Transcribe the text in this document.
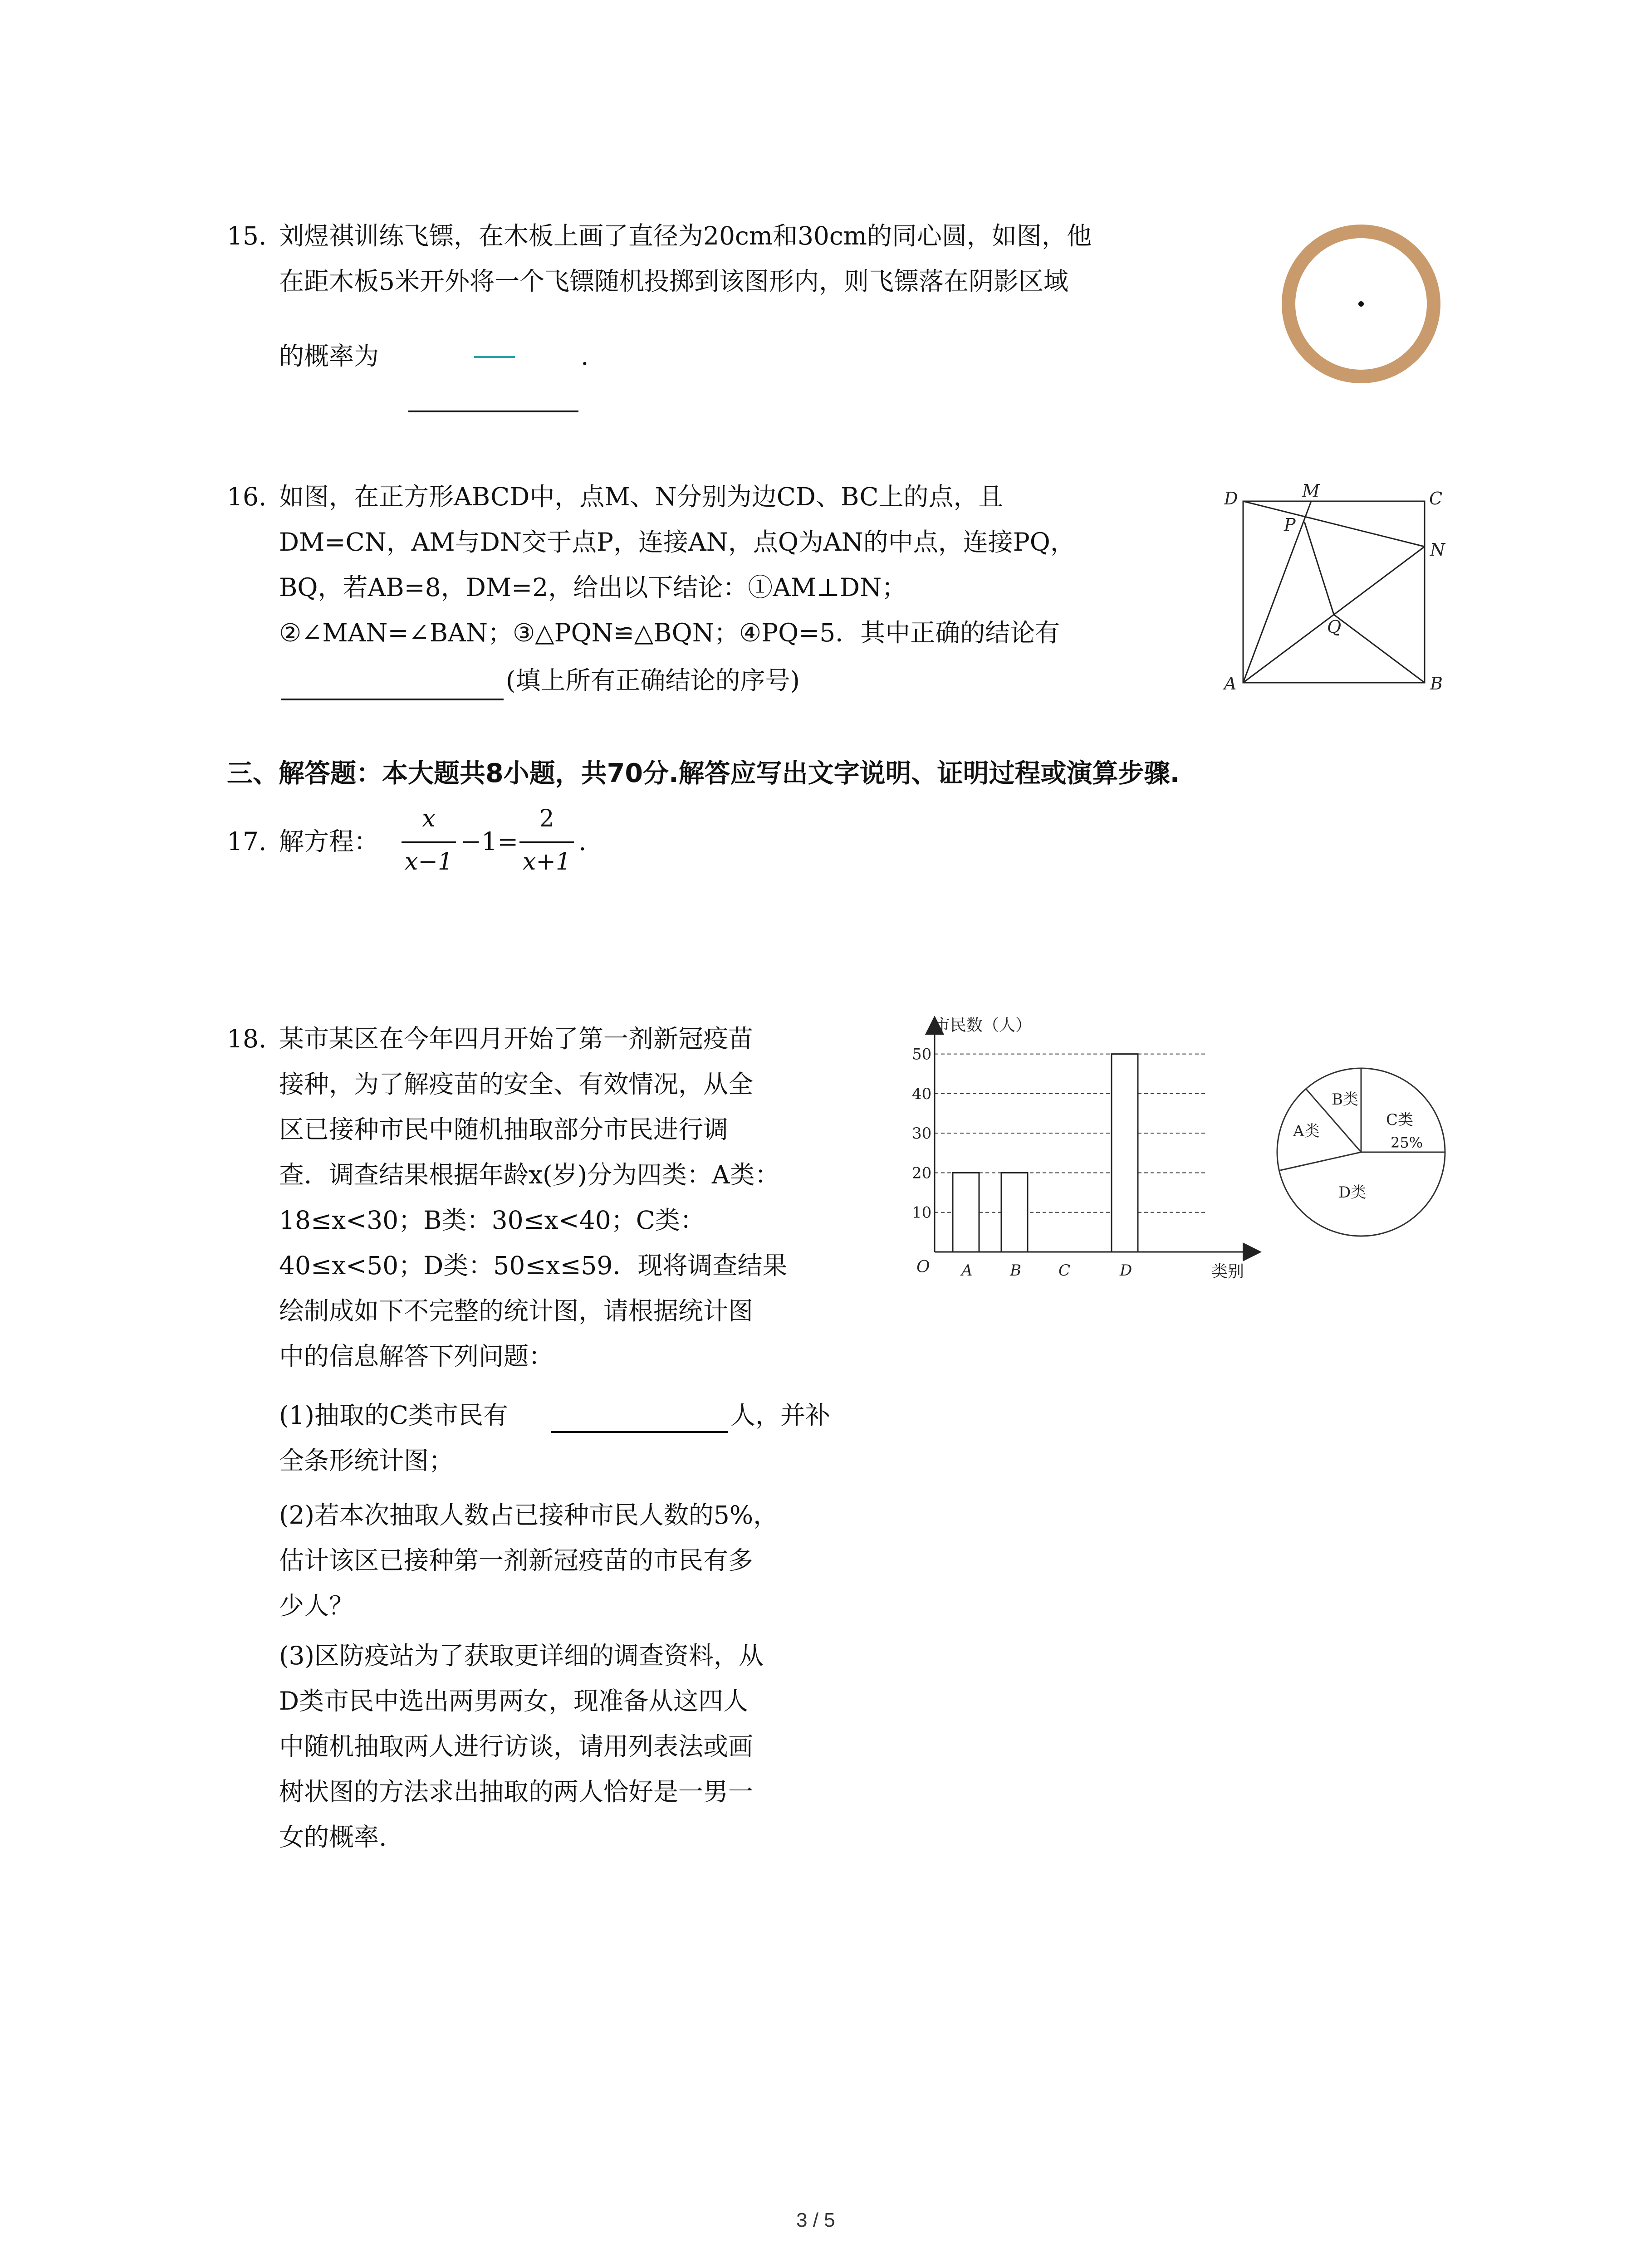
15. 刘煜祺训练飞镖，在木板上画了直径为20cm和30cm的同心圆，如图，他
在距木板5米开外将一个飞镖随机投掷到该图形内，则飞镖落在阴影区域
的概率为	.
16. 如图，在正方形ABCD中，点M、N分别为边CD、BC上的点，且
DM=CN，AM与DN交于点P，连接AN，点Q为AN的中点，连接PQ，
BQ，若AB=8，DM=2，给出以下结论：①AM⊥DN；
②∠MAN=∠BAN；③△PQN≌△BQN；④PQ=5．其中正确的结论有
(填上所有正确结论的序号)
D	M	C
P
N
Q
A	B
三、解答题：本大题共8小题，共70分.解答应写出文字说明、证明过程或演算步骤.
17. 解方程：
x
x−1
−1=
2
x+1
.
18. 某市某区在今年四月开始了第一剂新冠疫苗
接种，为了解疫苗的安全、有效情况，从全
区已接种市民中随机抽取部分市民进行调
查．调查结果根据年龄x(岁)分为四类：A类：
18≤x<30；B类：30≤x<40；C类：
40≤x<50；D类：50≤x≤59．现将调查结果
绘制成如下不完整的统计图，请根据统计图
中的信息解答下列问题：
(1)抽取的C类市民有	人，并补
全条形统计图；
(2)若本次抽取人数占已接种市民人数的5%，
估计该区已接种第一剂新冠疫苗的市民有多
少人？
(3)区防疫站为了获取更详细的调查资料，从
D类市民中选出两男两女，现准备从这四人
中随机抽取两人进行访谈，请用列表法或画
树状图的方法求出抽取的两人恰好是一男一
女的概率.
市民数（人）
类别
O
10
20
30
40
50
A B C	D
A类
B类
C类
25%
D类
3 / 5
